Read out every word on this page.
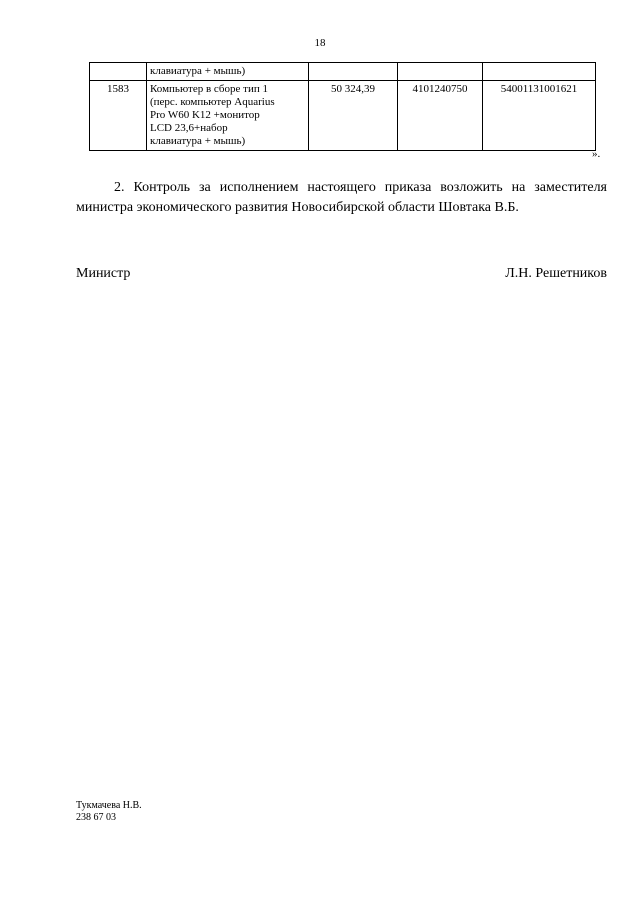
18

	клавиатура + мышь)			

1583	Компьютер в сборе тип 1
(перс. компьютер Aquarius
Pro W60 K12 +монитор
LCD 23,6+набор
клавиатура + мышь)	50 324,39	4101240750	54001131001621
».

2. Контроль за исполнением настоящего приказа возложить на заместителя министра экономического развития Новосибирской области Шовтака В.Б.

Министр	Л.Н. Решетников
Тукмачева Н.В.
238 67 03
